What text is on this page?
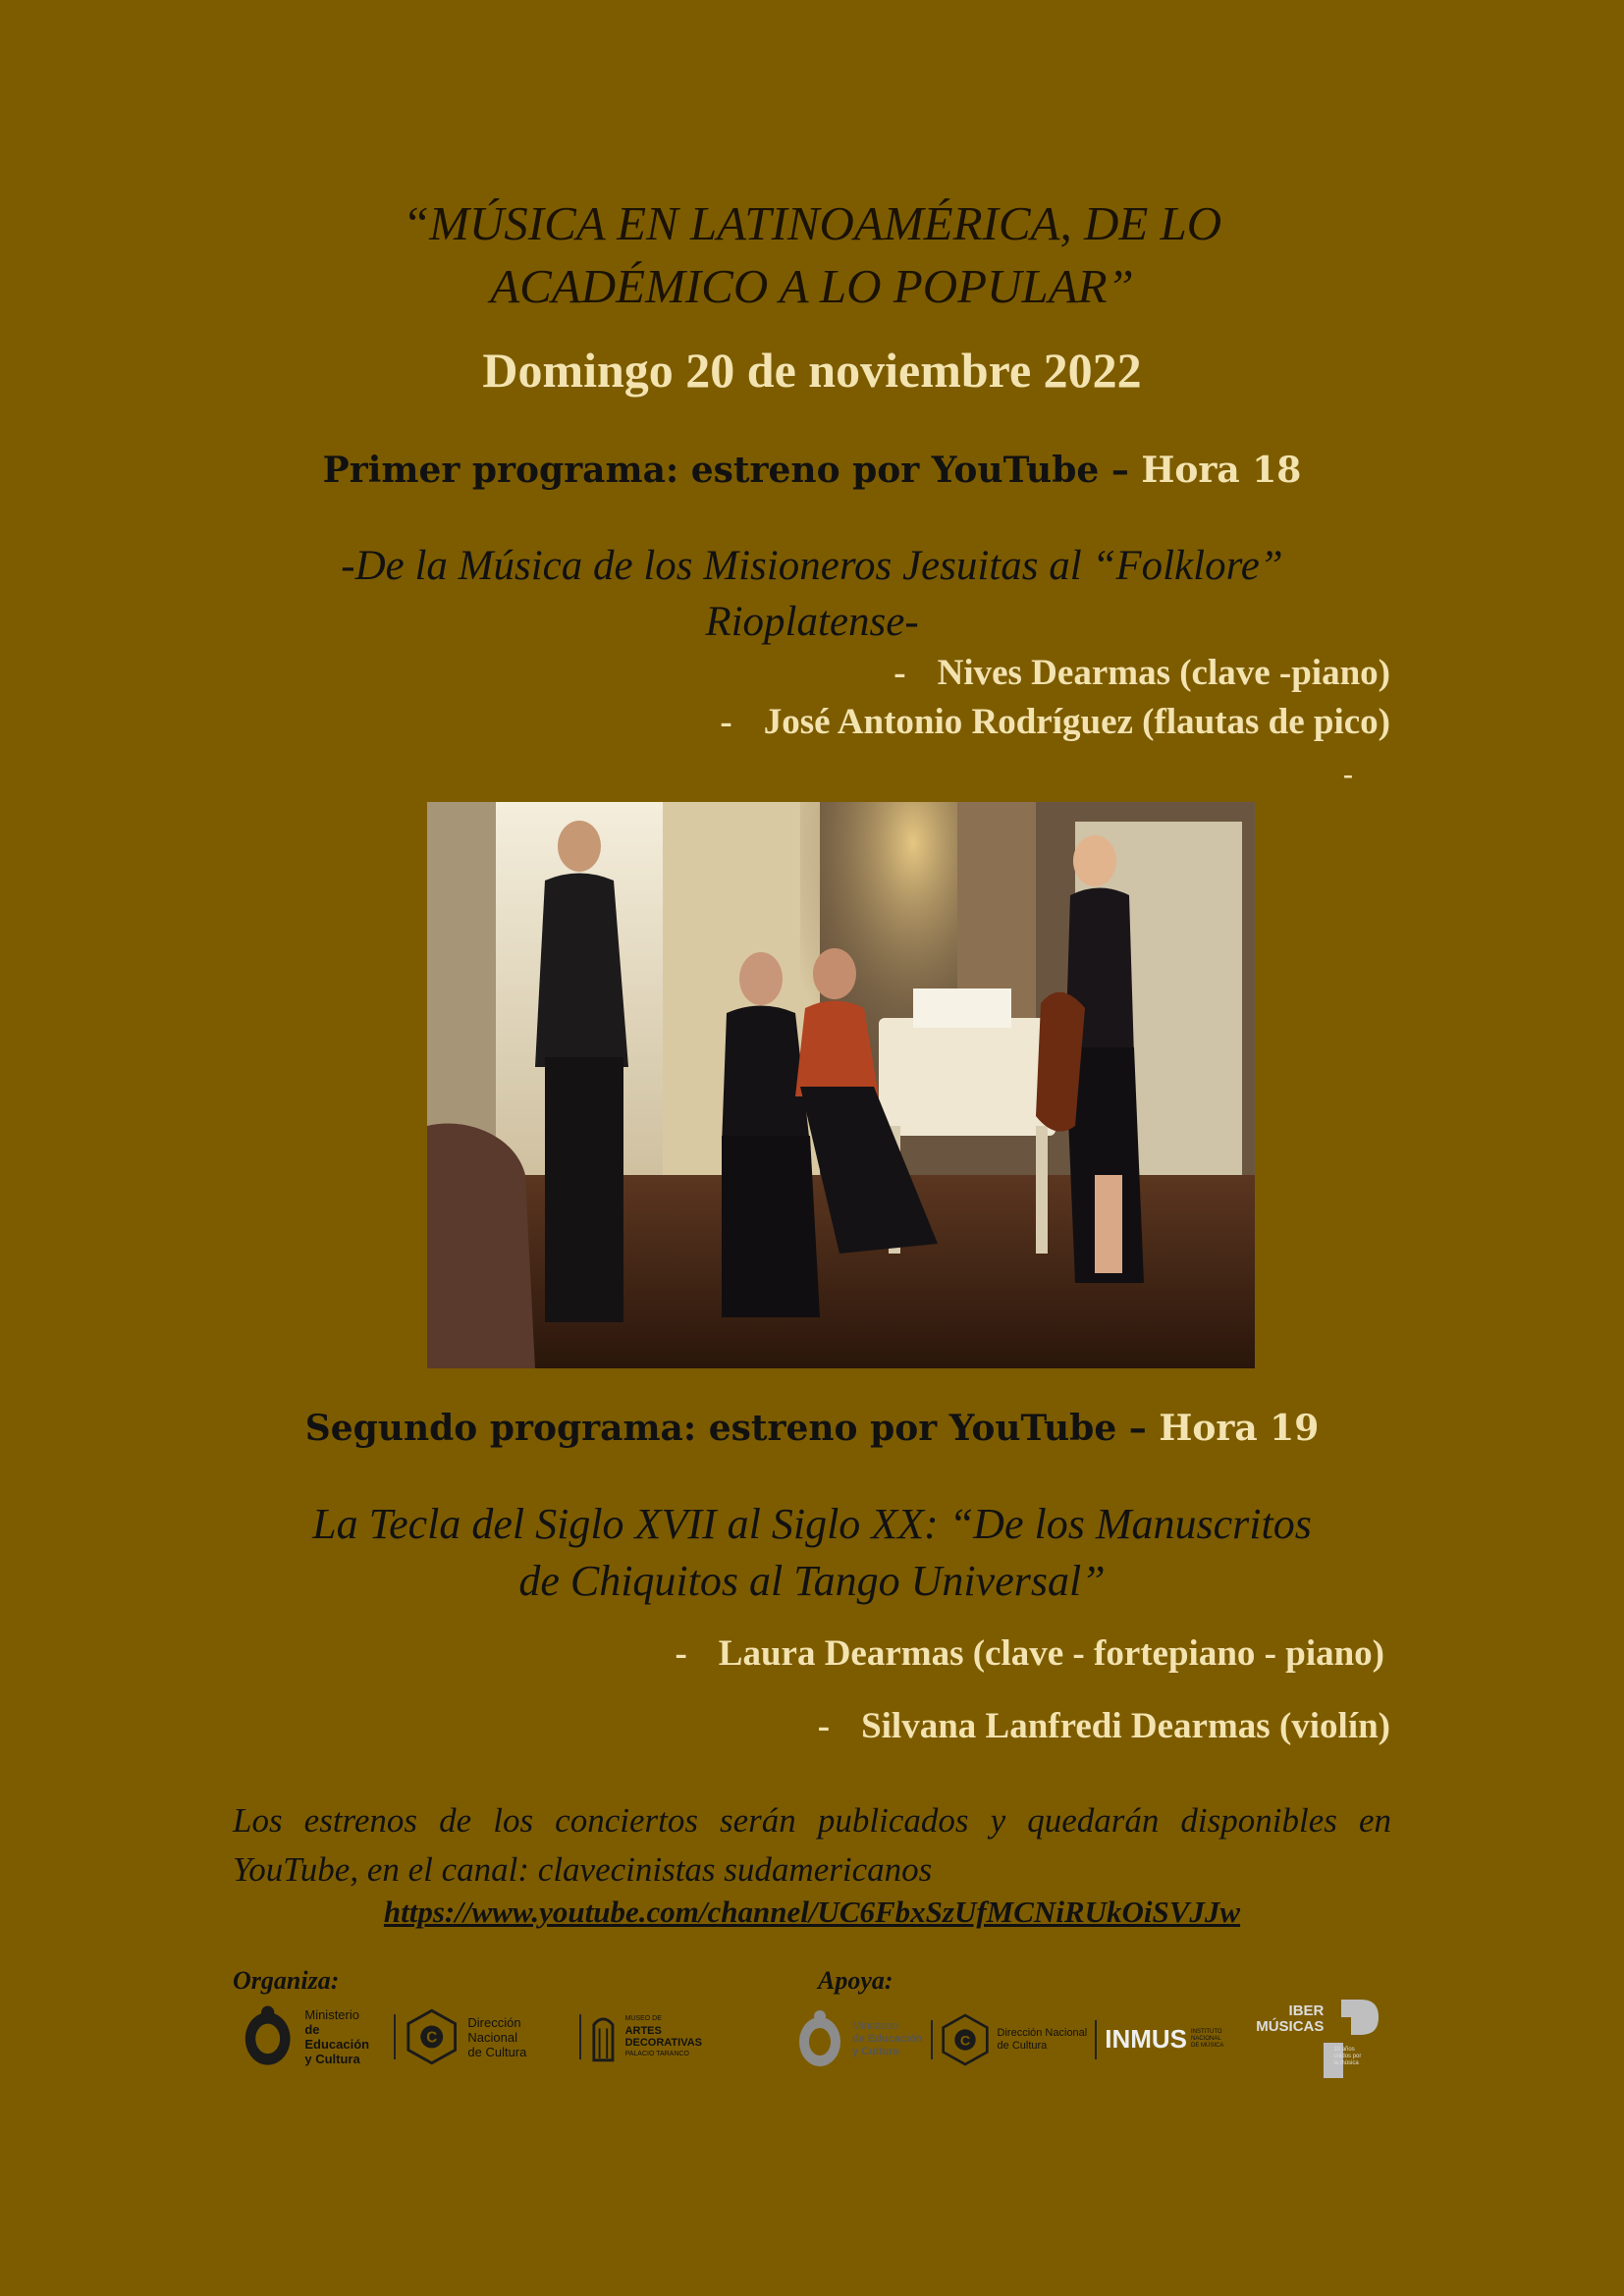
“MÚSICA EN LATINOAMÉRICA, DE LO
ACADÉMICO A LO POPULAR”
Domingo 20 de noviembre 2022
Primer programa: estreno por YouTube – Hora 18
-De la Música de los Misioneros Jesuitas al “Folklore”
Rioplatense-
- Nives Dearmas (clave -piano)
- José Antonio Rodríguez (flautas de pico)
-
Segundo programa: estreno por YouTube – Hora 19
La Tecla del Siglo XVII al Siglo XX: “De los Manuscritos
de Chiquitos al Tango Universal”
- Laura Dearmas (clave - fortepiano - piano)
- Silvana Lanfredi Dearmas (violín)
Los estrenos de los conciertos serán publicados y quedarán disponibles en YouTube, en el canal: clavecinistas sudamericanos
https://www.youtube.com/channel/UC6FbxSzUfMCNiRUkOiSVJJw
Organiza:
Ministerio
de Educación
y Cultura
C
Dirección Nacional
de Cultura
MUSEO DE
ARTES
DECORATIVAS
PALACIO TARANCO
Apoya:
Ministerio
de Educación
y Cultura
C
Dirección Nacional
de Cultura	INMUS INSTITUTO
NACIONAL
DE MÚSICA
IBER
MÚSICAS
10 años
unidos por
la música
